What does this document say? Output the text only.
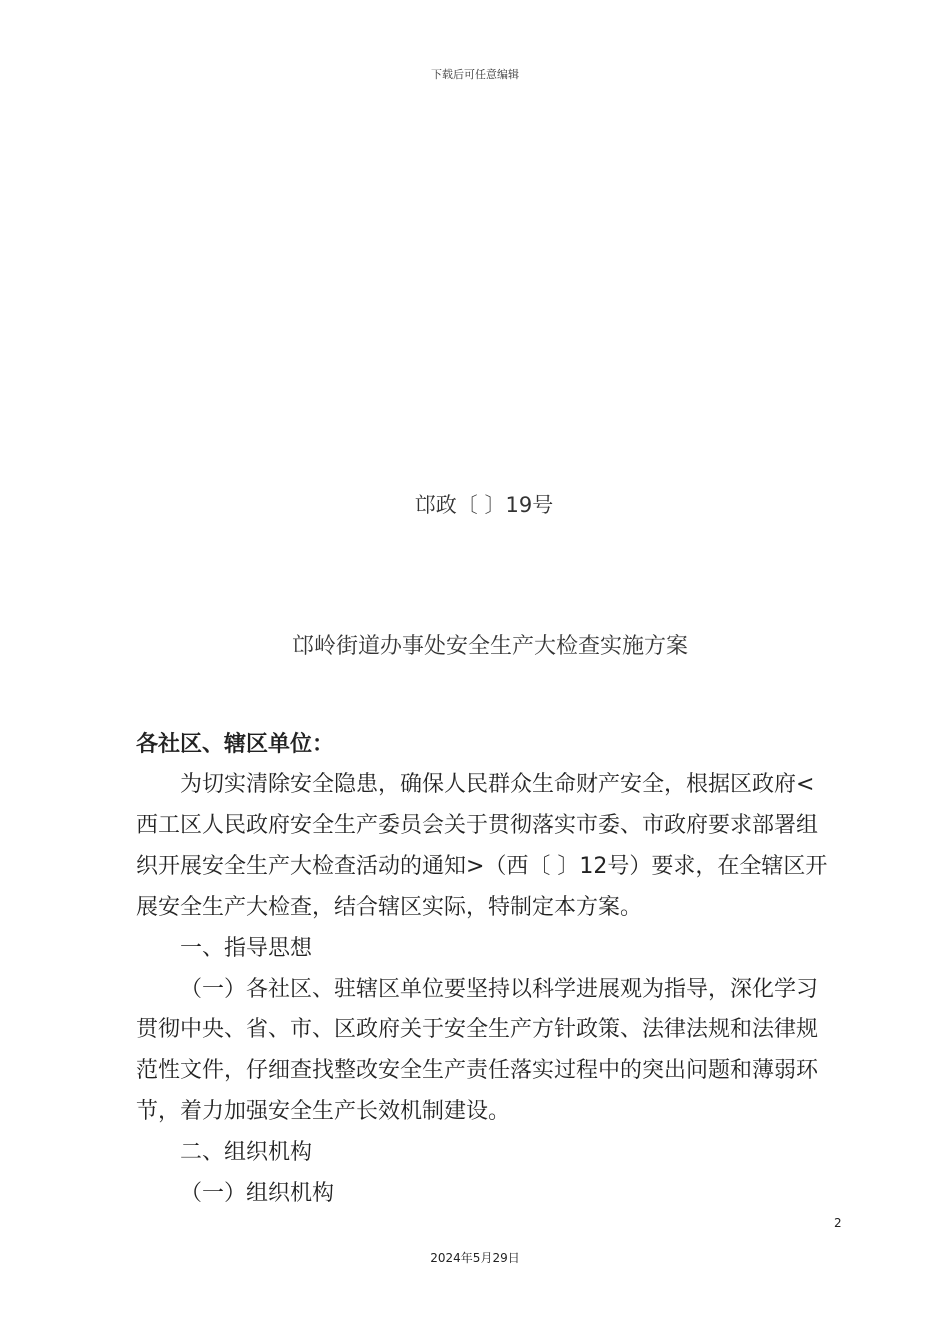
下载后可任意编辑
邙政〔 〕19号
邙岭街道办事处安全生产大检查实施方案
各社区、辖区单位：

为切实清除安全隐患，确保人民群众生命财产安全，根据区政府<西工区人民政府安全生产委员会关于贯彻落实市委、市政府要求部署组织开展安全生产大检查活动的通知>（西〔 〕12号）要求，在全辖区开展安全生产大检查，结合辖区实际，特制定本方案。

一、指导思想

（一）各社区、驻辖区单位要坚持以科学进展观为指导，深化学习贯彻中央、省、市、区政府关于安全生产方针政策、法律法规和法律规范性文件，仔细查找整改安全生产责任落实过程中的突出问题和薄弱环节，着力加强安全生产长效机制建设。

二、组织机构

（一）组织机构

2
2024年5月29日
